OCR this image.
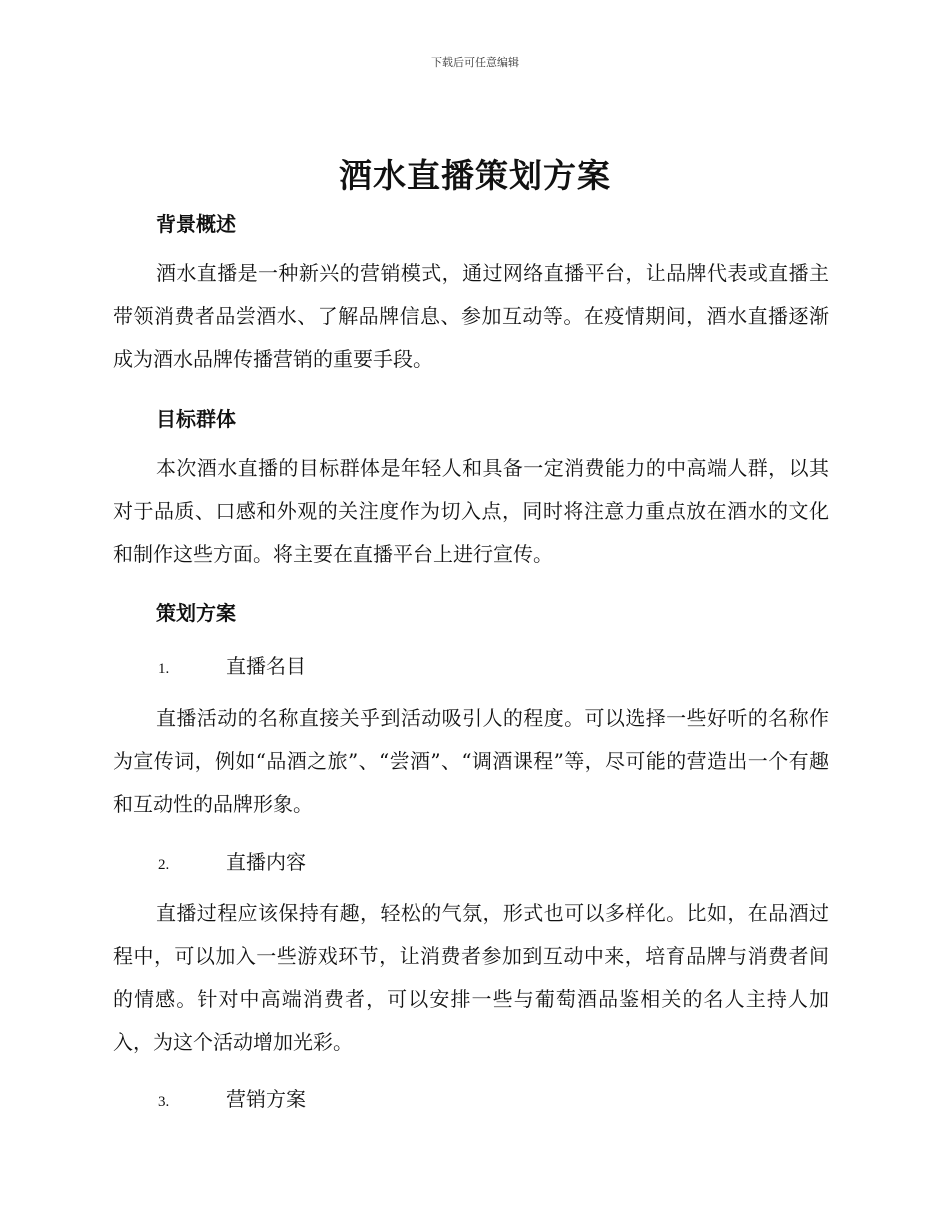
下载后可任意编辑
酒水直播策划方案
背景概述

酒水直播是一种新兴的营销模式，通过网络直播平台，让品牌代表或直播主带领消费者品尝酒水、了解品牌信息、参加互动等。在疫情期间，酒水直播逐渐成为酒水品牌传播营销的重要手段。

目标群体

本次酒水直播的目标群体是年轻人和具备一定消费能力的中高端人群，以其对于品质、口感和外观的关注度作为切入点，同时将注意力重点放在酒水的文化和制作这些方面。将主要在直播平台上进行宣传。

策划方案
1.	直播名目

直播活动的名称直接关乎到活动吸引人的程度。可以选择一些好听的名称作为宣传词，例如“品酒之旅”、“尝酒”、“调酒课程”等，尽可能的营造出一个有趣和互动性的品牌形象。

2.	直播内容

直播过程应该保持有趣，轻松的气氛，形式也可以多样化。比如，在品酒过程中，可以加入一些游戏环节，让消费者参加到互动中来，培育品牌与消费者间的情感。针对中高端消费者，可以安排一些与葡萄酒品鉴相关的名人主持人加入，为这个活动增加光彩。

3.	营销方案
